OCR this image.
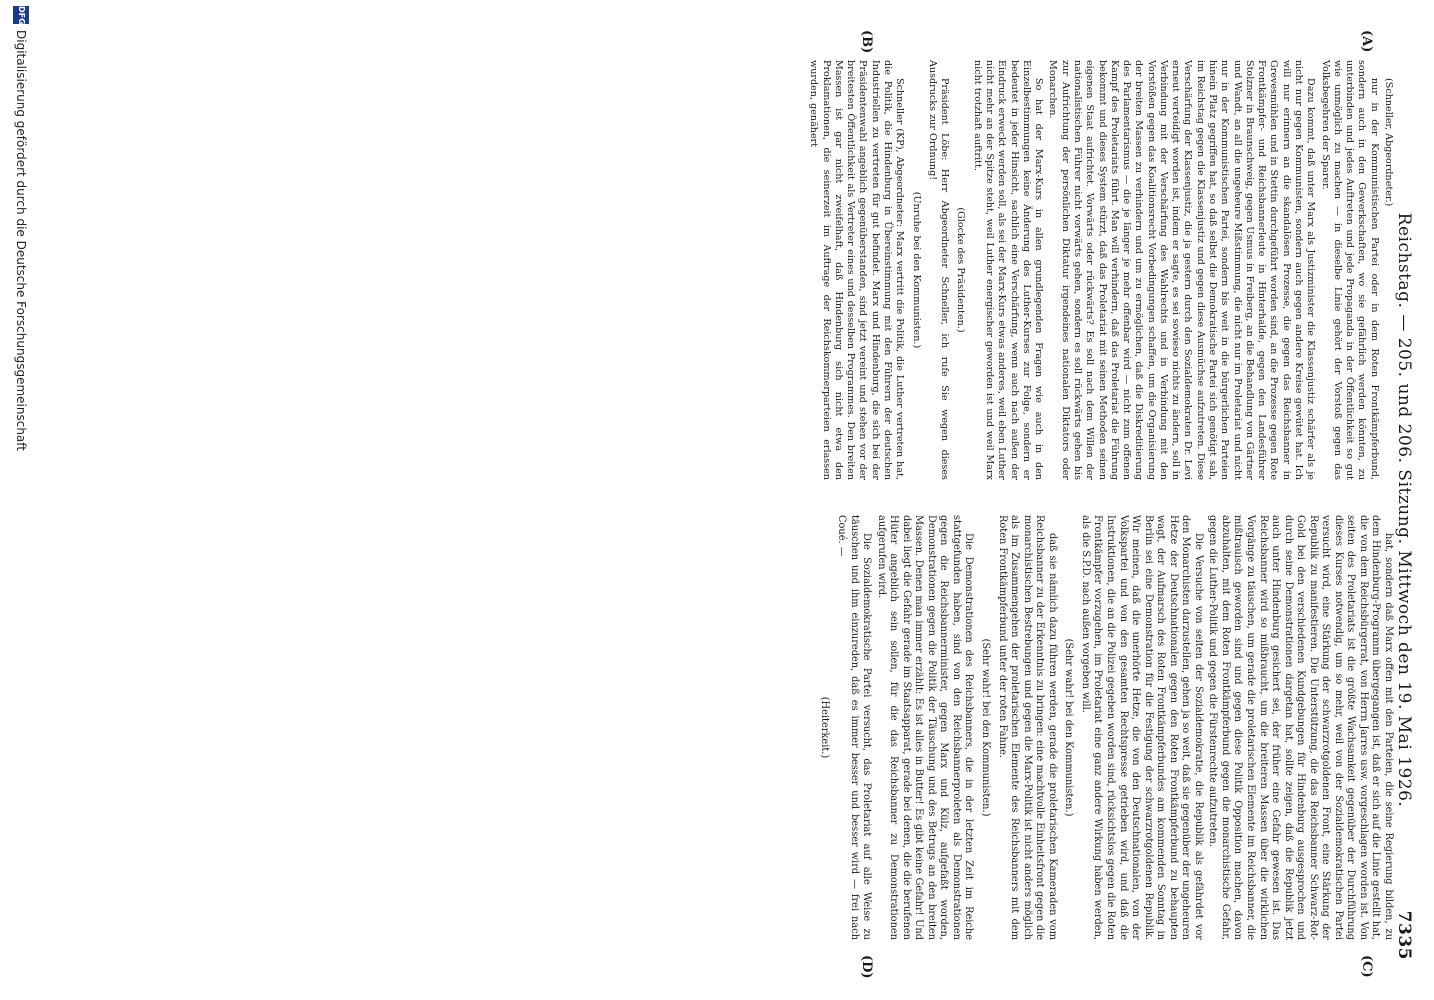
Reichstag. — 205. und 206. Sitzung. Mittwoch den 19. Mai 1926.
7335

(Schneller, Abgeordneter.)

nur in der Kommunistischen Partei oder in dem Roten Frontkämpferbund, sondern auch in den Gewerkschaften, wo sie gefährlich werden könnten, zu unterbinden und jedes Auftreten und jede Propaganda in der Öffentlichkeit so gut wie unmöglich zu machen — in dieselbe Linie gehört der Vorstoß gegen das Volksbegehren der Sparer.

Dazu kommt, daß unter Marx als Justizminister die Klassenjustiz schärfer als je nicht nur gegen Kommunisten, sondern auch gegen andere Kreise gewütet hat. Ich will nur erinnern an die skandalösen Prozesse, die gegen das Reichsbanner in Grevesmühlen und in Stettin durchgeführt worden sind, an die Prozesse gegen Rote Frontkämpfer- und Reichsbannerleute in Hinterhalde, gegen den Landesführer Stolzner in Braunschweig, gegen Usmus in Freiberg, an die Behandlung von Gärtner und Wandt, an all die ungeheure Mißstimmung, die nicht nur im Proletariat und nicht nur in der Kommunistischen Partei, sondern bis weit in die bürgerlichen Parteien hinein Platz gegriffen hat, so daß selbst die Demokratische Partei sich genötigt sah, im Reichstag gegen die Klassenjustiz und gegen diese Ausmüchse aufzutreten. Diese Verschärfung der Klassenjustiz, die ja gestern durch den Sozialdemokraten Dr. Levi erneut verteidigt worden ist, indem er sagte, es sei sowieso nichts zu ändern, soll in Verbindung mit der Verschärfung des Wahlrechts und in Verbindung mit den Vorstößen gegen das Koalitionsrecht Vorbedingungen schaffen, um die Organisierung der breiten Massen zu verhindern und um zu ermöglichen, daß die Diskreditierung des Parlamentarismus — die je länger je mehr offenbar wird — nicht zum offenen Kampf des Proletariats führt. Man will verhindern, daß das Proletariat die Führung bekommt und dieses System stürzt, daß das Proletariat mit seinen Methoden seinen eigenen Staat aufrichtet. Vorwärts oder rückwärts? Es soll nach dem Willen der nationalistischen Führer nicht vorwärts gehen, sondern es soll rückwärts gehen bis zur Aufrichtung der persönlichen Diktatur irgendeines nationalen Diktators oder Monarchen.

So hat der Marx-Kurs in allen grundlegenden Fragen wie auch in den Einzelbestimmungen keine Änderung des Luther-Kurses zur Folge, sondern er bedeutet in jeder Hinsicht, sachlich eine Verschärfung, wenn auch nach außen der Eindruck erweckt werden soll, als sei der Marx-Kurs etwas anderes, weil eben Luther nicht mehr an der Spitze steht, weil Luther energischer geworden ist und weil Marx nicht trotzhaft auftritt.

(Glocke des Präsidenten.)

Präsident Löbe: Herr Abgeordneter Schneller, ich rufe Sie wegen dieses Ausdrucks zur Ordnung!

(Unruhe bei den Kommunisten.)

Schneller (KP), Abgeordneter: Marx vertritt die Politik, die Luther vertreten hat, die Politik, die Hindenburg in Übereinstimmung mit den Führern der deutschen Industriellen zu vertreten für gut befindet. Marx und Hindenburg, die sich bei der Präsidentenwahl angeblich gegenüberstanden, sind jetzt vereint und stehen vor der breitesten Öffentlichkeit als Vertreter eines und desselben Programmes. Den breiten Massen ist gar nicht zweifelhaft, daß Hindenburg sich nicht etwa den Proklamationen, die seinerzeit im Auftrage der Reichskommerparteien erlassen wurden, genähert

hat, sondern daß Marx offen mit den Parteien, die seine Regierung bilden, zu dem Hindenburg-Programm übergegangen ist, daß er sich auf die Linie gestellt hat, die von dem Reichsbürgerrat, von Herrn Jarres usw. vorgeschlagen worden ist. Von seiten des Proletariats ist die größte Wachsamkeit gegenüber der Durchführung dieses Kurses notwendig, um so mehr, weil von der Sozialdemokratischen Partei versucht wird, eine Stärkung der schwarzrotgoldenen Front, eine Stärkung der Republik zu manifestieren. Die Unterstützung, die das Reichsbanner Schwarz-Rot-Gold bei den verschiedenen Kundgebungen für Hindenburg ausgesprochen und durch seine Demonstrationen dargetan hat, sollte zeigen, daß die Republik jetzt auch unter Hindenburg gesichert sei, der früher eine Gefahr gewesen ist. Das Reichsbanner wird so mißbraucht, um die breiteren Massen über die wirklichen Vorgänge zu täuschen, um gerade die proletarischen Elemente im Reichsbanner, die mißtrauisch geworden sind und gegen diese Politik Opposition machen, davon abzuhalten, mit dem Roten Frontkämpferbund gegen die monarchistische Gefahr, gegen die Luther-Politik und gegen die Fürstenrechte aufzutreten.

Die Versuche von seiten der Sozialdemokratie, die Republik als gefährdet vor den Monarchisten darzustellen, gehen ja so weit, daß sie gegenüber der ungeheuren Hetze der Deutschnationalen gegen den Roten Frontkämpferbund zu behaupten wagt, der Aufmarsch des Roten Frontkämpferbundes am kommenden Sonntag in Berlin sei eine Demonstration für die Festigung der schwarzrotgoldenen Republik. Wir meinen, daß die unerhörte Hetze, die von den Deutschnationalen, von der Volkspartei und von den gesamten Rechtspresse getrieben wird, und daß die Instruktionen, die an die Polizei gegeben worden sind, rücksichtslos gegen die Roten Frontkämpfer vorzugehen, im Proletariat eine ganz andere Wirkung haben werden, als die S.P.D. nach außen vorgeben will.

(Sehr wahr! bei den Kommunisten.)

daß sie nämlich dazu führen werden, gerade die proletarischen Kameraden vom Reichsbanner zu der Erkenntnis zu bringen: eine machtvolle Einheitsfront gegen die monarchistischen Bestrebungen und gegen die Marx-Politik ist nicht anders möglich als im Zusammengehen der proletarischen Elemente des Reichsbanners mit dem Roten Frontkämpferbund unter der roten Fahne.

(Sehr wahr! bei den Kommunisten.)

Die Demonstrationen des Reichsbanners, die in der letzten Zeit im Reiche stattgefunden haben, sind von den Reichsbannerproleten als Demonstrationen gegen die Reichsbannerminister, gegen Marx und Külz, aufgefaßt worden, Demonstrationen gegen die Politik der Täuschung und des Betrugs an den breiten Massen. Denen man immer erzählt: Es ist alles in Butter! Es gibt keine Gefahr! Und dabei liegt die Gefahr gerade im Staatsapparat, gerade bei denen, die die berufenen Hüter angeblich sein sollen, für die das Reichsbanner zu Demonstrationen aufgerufen wird.

Die Sozialdemokratische Partei versucht, das Proletariat auf alle Weise zu täuschen und ihm einzureden, daß es immer besser und besser wird — frei nach Coué. —

(Heiterkeit.)

(A)
(B)
(C)
(D)
DFG
Digitalisierung gefördert durch die Deutsche Forschungsgemeinschaft
